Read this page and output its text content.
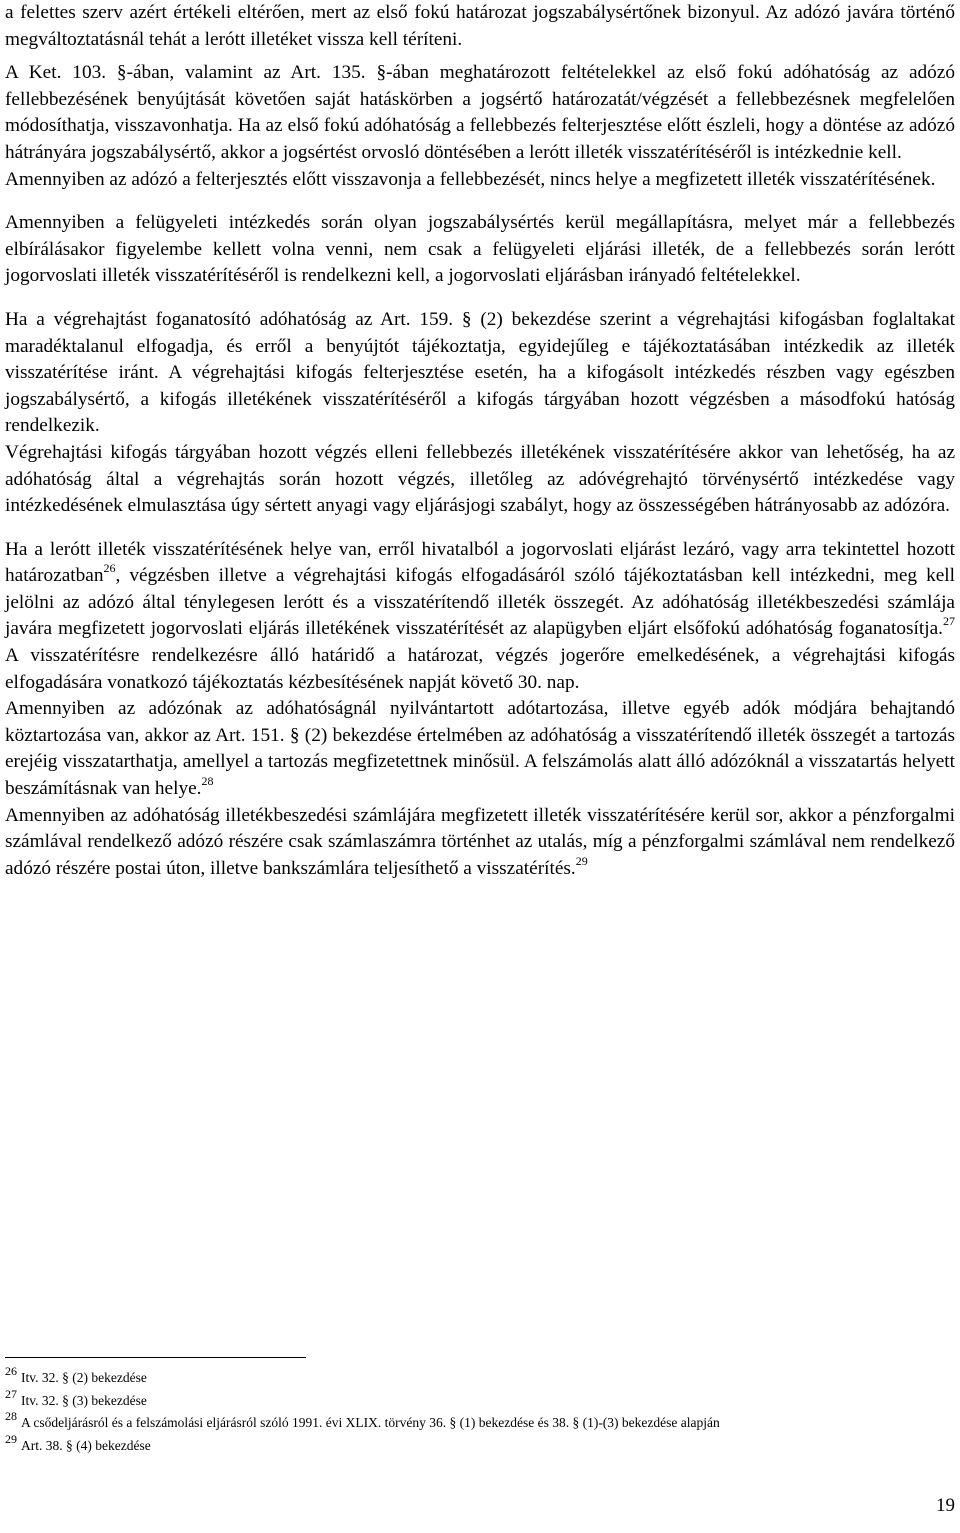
a felettes szerv azért értékeli eltérően, mert az első fokú határozat jogszabálysértőnek bizonyul. Az adózó javára történő megváltoztatásnál tehát a lerótt illetéket vissza kell téríteni.

A Ket. 103. §-ában, valamint az Art. 135. §-ában meghatározott feltételekkel az első fokú adóhatóság az adózó fellebbezésének benyújtását követően saját hatáskörben a jogsértő határozatát/végzését a fellebbezésnek megfelelően módosíthatja, visszavonhatja. Ha az első fokú adóhatóság a fellebbezés felterjesztése előtt észleli, hogy a döntése az adózó hátrányára jogszabálysértő, akkor a jogsértést orvosló döntésében a lerótt illeték visszatérítéséről is intézkednie kell.

Amennyiben az adózó a felterjesztés előtt visszavonja a fellebbezését, nincs helye a megfizetett illeték visszatérítésének.

Amennyiben a felügyeleti intézkedés során olyan jogszabálysértés kerül megállapításra, melyet már a fellebbezés elbírálásakor figyelembe kellett volna venni, nem csak a felügyeleti eljárási illeték, de a fellebbezés során lerótt jogorvoslati illeték visszatérítéséről is rendelkezni kell, a jogorvoslati eljárásban irányadó feltételekkel.

Ha a végrehajtást foganatosító adóhatóság az Art. 159. § (2) bekezdése szerint a végrehajtási kifogásban foglaltakat maradéktalanul elfogadja, és erről a benyújtót tájékoztatja, egyidejűleg e tájékoztatásában intézkedik az illeték visszatérítése iránt. A végrehajtási kifogás felterjesztése esetén, ha a kifogásolt intézkedés részben vagy egészben jogszabálysértő, a kifogás illetékének visszatérítéséről a kifogás tárgyában hozott végzésben a másodfokú hatóság rendelkezik.

Végrehajtási kifogás tárgyában hozott végzés elleni fellebbezés illetékének visszatérítésére akkor van lehetőség, ha az adóhatóság által a végrehajtás során hozott végzés, illetőleg az adóvégrehajtó törvénysértő intézkedése vagy intézkedésének elmulasztása úgy sértett anyagi vagy eljárásjogi szabályt, hogy az összességében hátrányosabb az adózóra.

Ha a lerótt illeték visszatérítésének helye van, erről hivatalból a jogorvoslati eljárást lezáró, vagy arra tekintettel hozott határozatban$^{26}$, végzésben illetve a végrehajtási kifogás elfogadásáról szóló tájékoztatásban kell intézkedni, meg kell jelölni az adózó által ténylegesen lerótt és a visszatérítendő illeték összegét. Az adóhatóság illetékbeszedési számlája javára megfizetett jogorvoslati eljárás illetékének visszatérítését az alapügyben eljárt elsőfokú adóhatóság foganatosítja.$^{27}$ A visszatérítésre rendelkezésre álló határidő a határozat, végzés jogerőre emelkedésének, a végrehajtási kifogás elfogadására vonatkozó tájékoztatás kézbesítésének napját követő 30. nap.

Amennyiben az adózónak az adóhatóságnál nyilvántartott adótartozása, illetve egyéb adók módjára behajtandó köztartozása van, akkor az Art. 151. § (2) bekezdése értelmében az adóhatóság a visszatérítendő illeték összegét a tartozás erejéig visszatarthatja, amellyel a tartozás megfizetettnek minősül. A felszámolás alatt álló adózóknál a visszatartás helyett beszámításnak van helye.$^{28}$

Amennyiben az adóhatóság illetékbeszedési számlájára megfizetett illeték visszatérítésére kerül sor, akkor a pénzforgalmi számlával rendelkező adózó részére csak számlaszámra történhet az utalás, míg a pénzforgalmi számlával nem rendelkező adózó részére postai úton, illetve bankszámlára teljesíthető a visszatérítés.$^{29}$

26 Itv. 32. § (2) bekezdése
27 Itv. 32. § (3) bekezdése
28 A csődeljárásról és a felszámolási eljárásról szóló 1991. évi XLIX. törvény 36. § (1) bekezdése és 38. § (1)-(3) bekezdése alapján
29 Art. 38. § (4) bekezdése
19
